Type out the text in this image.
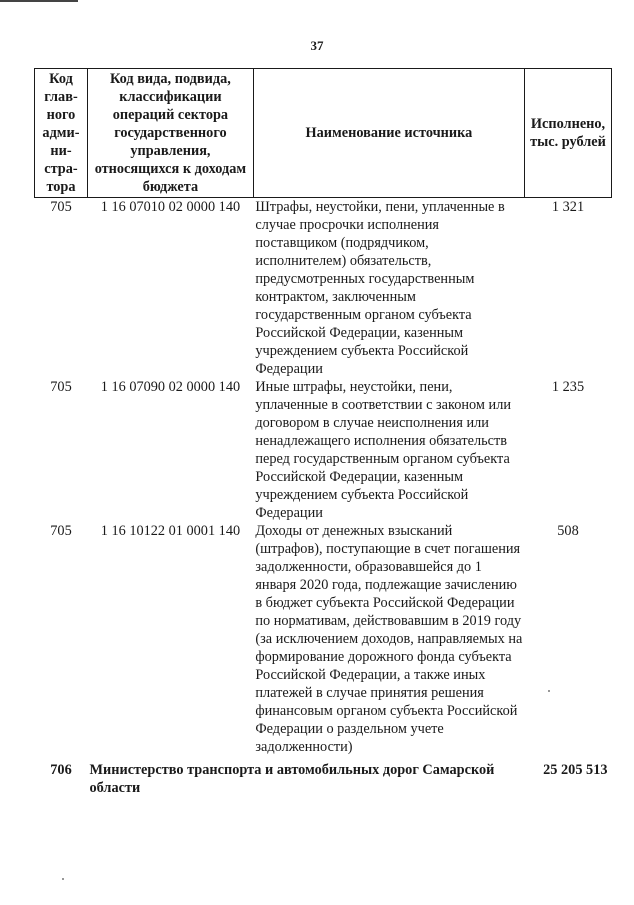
37
Код главного администратора	Код вида, подвида, классификации операций сектора государственного управления, относящихся к доходам бюджета	Наименование источника	Исполнено, тыс. рублей
705	1 16 07010 02 0000 140	Штрафы, неустойки, пени, уплаченные в случае просрочки исполнения поставщиком (подрядчиком, исполнителем) обязательств, предусмотренных государственным контрактом, заключенным государственным органом субъекта Российской Федерации, казенным учреждением субъекта Российской Федерации	1 321
705	1 16 07090 02 0000 140	Иные штрафы, неустойки, пени, уплаченные в соответствии с законом или договором в случае неисполнения или ненадлежащего исполнения обязательств перед государственным органом субъекта Российской Федерации, казенным учреждением субъекта Российской Федерации	1 235
705	1 16 10122 01 0001 140	Доходы от денежных взысканий (штрафов), поступающие в счет погашения задолженности, образовавшейся до 1 января 2020 года, подлежащие зачислению в бюджет субъекта Российской Федерации по нормативам, действовавшим в 2019 году (за исключением доходов, направляемых на формирование дорожного фонда субъекта Российской Федерации, а также иных платежей в случае принятия решения финансовым органом субъекта Российской Федерации о раздельном учете задолженности)	508
706	Министерство транспорта и автомобильных дорог Самарской области		25 205 513
